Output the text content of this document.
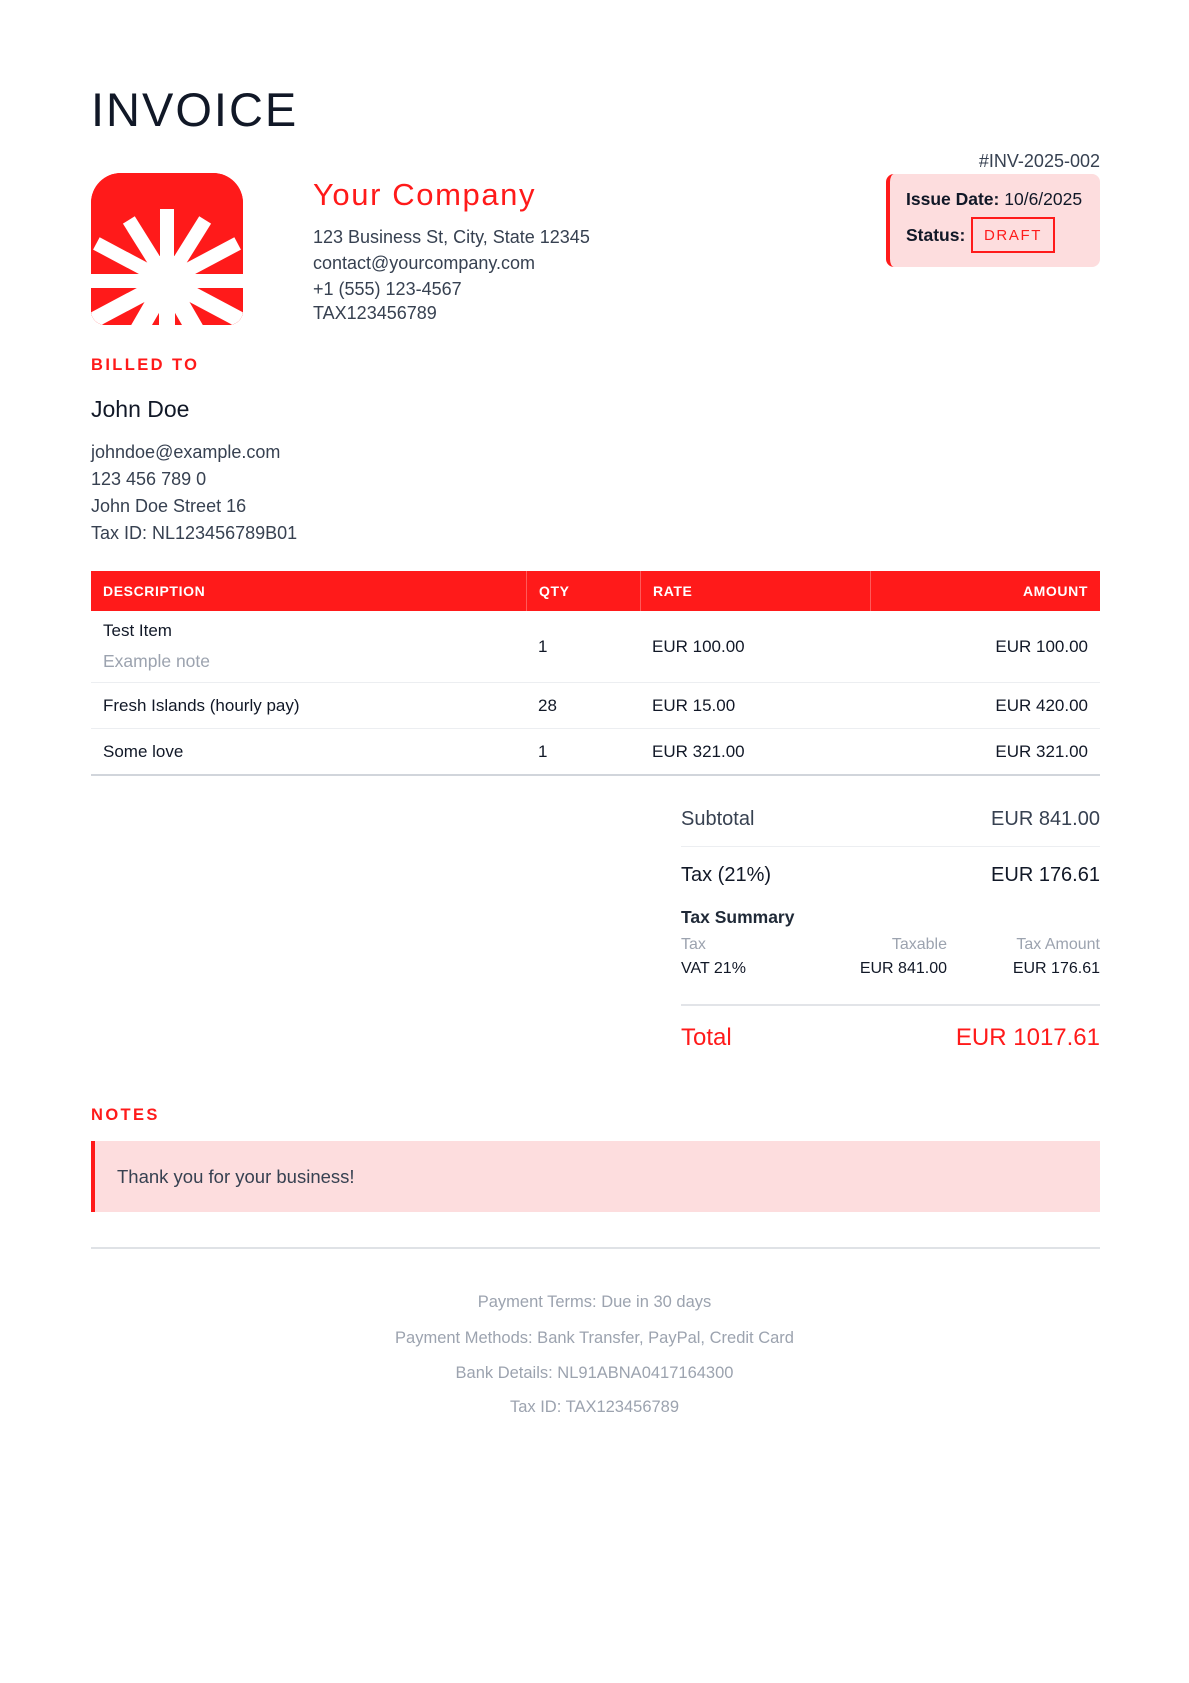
INVOICE
Your Company
123 Business St, City, State 12345
contact@yourcompany.com
+1 (555) 123-4567
TAX123456789
#INV-2025-002
Issue Date: 10/6/2025
Status:	DRAFT
BILLED TO
John Doe
johndoe@example.com
123 456 789 0
John Doe Street 16
Tax ID: NL123456789B01
DESCRIPTION	QTY	RATE	AMOUNT
Test Item
Example note
1	EUR 100.00	EUR 100.00
Fresh Islands (hourly pay)	28	EUR 15.00	EUR 420.00
Some love	1	EUR 321.00	EUR 321.00
Subtotal	EUR 841.00
Tax (21%)	EUR 176.61
Tax Summary
Tax	Taxable	Tax Amount
VAT 21%	EUR 841.00	EUR 176.61
Total	EUR 1017.61
NOTES
Thank you for your business!
Payment Terms: Due in 30 days
Payment Methods: Bank Transfer, PayPal, Credit Card
Bank Details: NL91ABNA0417164300
Tax ID: TAX123456789
